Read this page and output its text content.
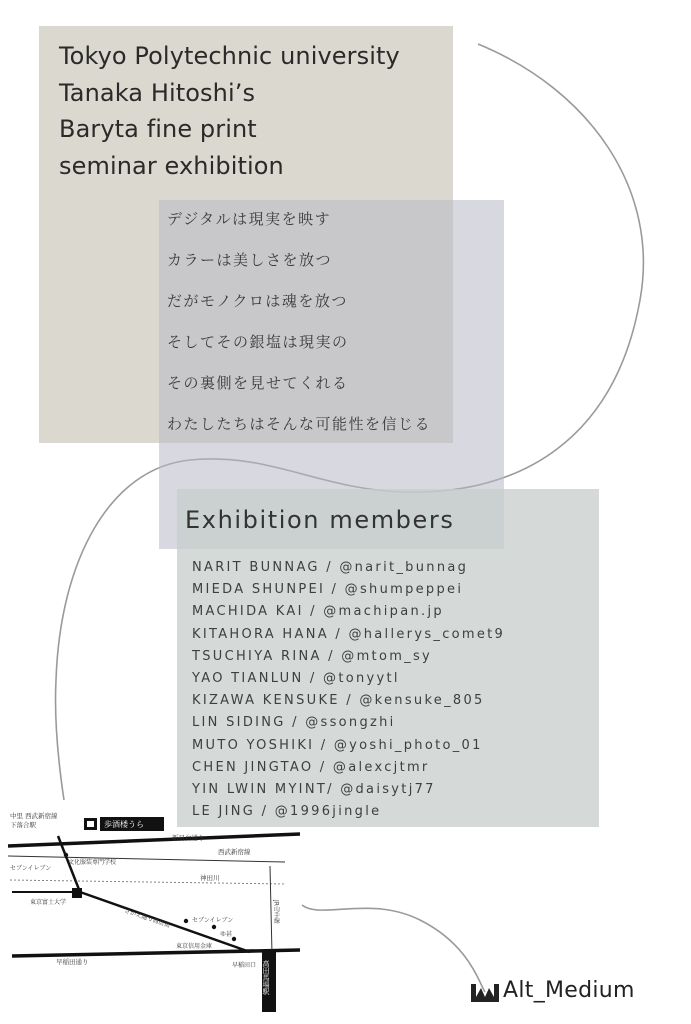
Tokyo Polytechnic university
Tanaka Hitoshi’s
Baryta fine print
seminar exhibition
デジタルは現実を映す
カラーは美しさを放つ
だがモノクロは魂を放つ
そしてその銀塩は現実の
その裏側を見せてくれる
わたしたちはそんな可能性を信じる
Exhibition members
NARIT BUNNAG / @narit_bunnag
MIEDA SHUNPEI / @shumpeppei
MACHIDA KAI / @machipan.jp
KITAHORA HANA / @hallerys_comet9
TSUCHIYA RINA / @mtom_sy
YAO TIANLUN / @tonyytl
KIZAWA KENSUKE / @kensuke_805
LIN SIDING / @ssongzhi
MUTO YOSHIKI / @yoshi_photo_01
CHEN JINGTAO / @alexcjtmr
YIN LWIN MYINT/ @daisytj77
LE JING / @1996jingle
中里 西武新宿線
下落合駅	歩酒楼うら
新目白通り
西武新宿線
セブンイレブン
文化服装専門学校
神田川
東京富士大学	JR山手線
さかえ通り商店街	セブンイレブン
ゆ甚
東京信用金庫
早稲田通り	早稲田口 高田馬場駅	Alt_Medium
